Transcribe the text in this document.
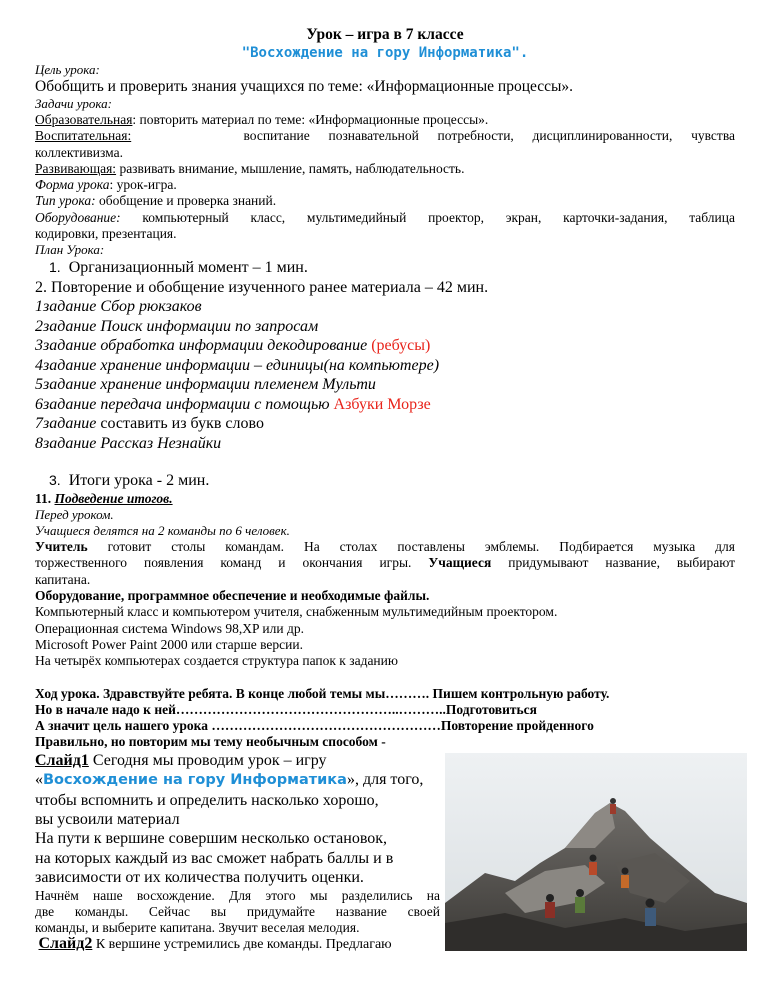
Урок – игра в 7 классе

"Восхождение на гору Информатика".

Цель урока:

Обобщить и проверить знания учащихся по теме: «Информационные процессы».

Задачи урока:

Образовательная: повторить материал по теме: «Информационные процессы».

Воспитательная:	воспитание познавательной потребности, дисциплинированности, чувства

коллективизма.

Развивающая: развивать внимание, мышление, память, наблюдательность.

Форма урока: урок-игра.

Тип урока: обобщение и проверка знаний.

Оборудование: компьютерный класс, мультимедийный проектор, экран, карточки-задания, таблица

кодировки, презентация.

План Урока:

1. Организационный момент – 1 мин.

2. Повторение и обобщение изученного ранее материала – 42 мин.

1задание Сбор рюкзаков

2задание Поиск информации по запросам

3задание обработка информации декодирование (ребусы)

4задание хранение информации – единицы(на компьютере)

5задание хранение информации племенем Мульти

6задание передача информации с помощью Азбуки Морзе

7задание составить из букв слово

8задание Рассказ Незнайки

3. Итоги урока - 2 мин.

11. Подведение итогов.

Перед уроком.

Учащиеся делятся на 2 команды по 6 человек.

Учитель готовит столы командам. На столах поставлены эмблемы. Подбирается музыка для

торжественного появления команд и окончания игры. Учащиеся придумывают название, выбирают

капитана.

Оборудование, программное обеспечение и необходимые файлы.

Компьютерный класс и компьютером учителя, снабженным мультимедийным проектором.

Операционная система Windows 98,XP или др.

Microsoft Power Paint 2000 или старше версии.

На четырёх компьютерах создается структура папок к заданию

Ход урока. Здравствуйте ребята. В конце любой темы мы………. Пишем контрольную работу.

Но в начале надо к ней…………………………………………..………..Подготовиться

А значит цель нашего урока ……………………………………………Повторение пройденного

Правильно, но повторим мы тему необычным способом -

Слайд1 Сегодня мы проводим урок – игру

«Восхождение на гору Информатика», для того,

чтобы вспомнить и определить насколько хорошо,

вы усвоили материал

На пути к вершине совершим несколько остановок,

на которых каждый из вас сможет набрать баллы и в

зависимости от их количества получить оценки.

Начнём наше восхождение. Для этого мы разделились на

две команды. Сейчас вы придумайте название своей

команды, и выберите капитана. Звучит веселая мелодия.

Слайд2 К вершине устремились две команды. Предлагаю
